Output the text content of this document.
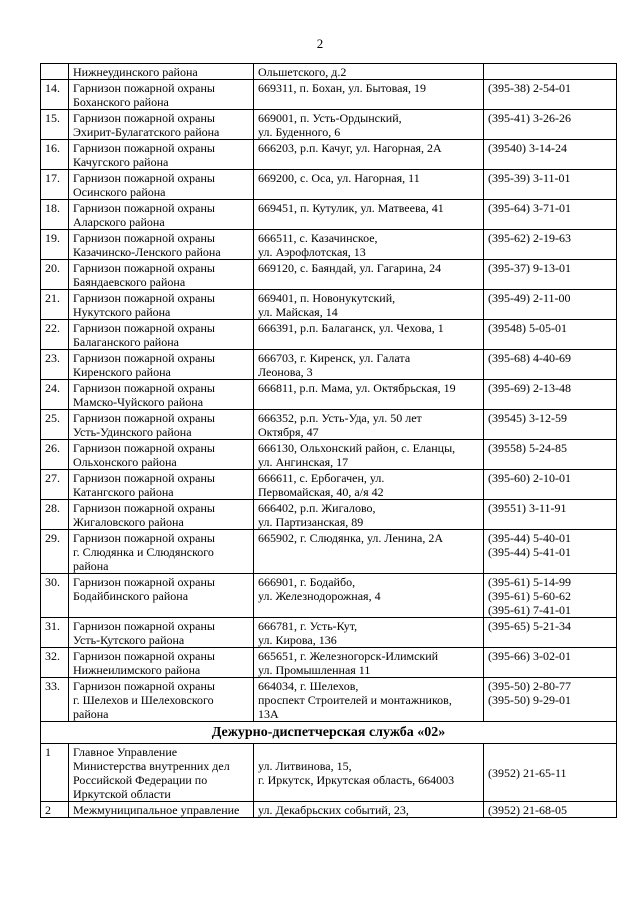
2

	Нижнеудинского района	Ольшетского, д.2	

14.	Гарнизон пожарной охраны
Боханского района	669311, п. Бохан, ул. Бытовая, 19	(395-38) 2-54-01

15.	Гарнизон пожарной охраны
Эхирит-Булагатского района	669001, п. Усть-Ордынский,
ул. Буденного, 6	(395-41) 3-26-26

16.	Гарнизон пожарной охраны
Качугского района	666203, р.п. Качуг, ул. Нагорная, 2А	(39540) 3-14-24

17.	Гарнизон пожарной охраны
Осинского района	669200, с. Оса, ул. Нагорная, 11	(395-39) 3-11-01

18.	Гарнизон пожарной охраны
Аларского района	669451, п. Кутулик, ул. Матвеева, 41	(395-64) 3-71-01

19.	Гарнизон пожарной охраны
Казачинско-Ленского района	666511, с. Казачинское,
ул. Аэрофлотская, 13	(395-62) 2-19-63

20.	Гарнизон пожарной охраны
Баяндаевского района	669120, с. Баяндай, ул. Гагарина, 24	(395-37) 9-13-01

21.	Гарнизон пожарной охраны
Нукутского района	669401, п. Новонукутский,
ул. Майская, 14	(395-49) 2-11-00

22.	Гарнизон пожарной охраны
Балаганского района	666391, р.п. Балаганск, ул. Чехова, 1	(39548) 5-05-01

23.	Гарнизон пожарной охраны
Киренского района	666703, г. Киренск, ул. Галата
Леонова, 3	(395-68) 4-40-69

24.	Гарнизон пожарной охраны
Мамско-Чуйского района	666811, р.п. Мама, ул. Октябрьская, 19	(395-69) 2-13-48

25.	Гарнизон пожарной охраны
Усть-Удинского района	666352, р.п. Усть-Уда, ул. 50 лет
Октября, 47	(39545) 3-12-59

26.	Гарнизон пожарной охраны
Ольхонского района	666130, Ольхонский район, с. Еланцы,
ул. Ангинская, 17	(39558) 5-24-85

27.	Гарнизон пожарной охраны
Катангского района	666611, с. Ербогачен, ул.
Первомайская, 40, а/я 42	(395-60) 2-10-01

28.	Гарнизон пожарной охраны
Жигаловского района	666402, р.п. Жигалово,
ул. Партизанская, 89	(39551) 3-11-91

29.	Гарнизон пожарной охраны
г. Слюдянка и Слюдянского
района	665902, г. Слюдянка, ул. Ленина, 2А	(395-44) 5-40-01
(395-44) 5-41-01

30.	Гарнизон пожарной охраны
Бодайбинского района	666901, г. Бодайбо,
ул. Железнодорожная, 4	(395-61) 5-14-99
(395-61) 5-60-62
(395-61) 7-41-01

31.	Гарнизон пожарной охраны
Усть-Кутского района	666781, г. Усть-Кут,
ул. Кирова, 136	(395-65) 5-21-34

32.	Гарнизон пожарной охраны
Нижнеилимского района	665651, г. Железногорск-Илимский
ул. Промышленная 11	(395-66) 3-02-01

33.	Гарнизон пожарной охраны
г. Шелехов и Шелеховского
района	664034, г. Шелехов,
проспект Строителей и монтажников,
13А	(395-50) 2-80-77
(395-50) 9-29-01

Дежурно-диспетчерская служба «02»			

1	Главное Управление
Министерства внутренних дел
Российской Федерации по
Иркутской области	ул. Литвинова, 15,
г. Иркутск, Иркутская область, 664003	(3952) 21-65-11

2	Межмуниципальное управление	ул. Декабрьских событий, 23,	(3952) 21-68-05
